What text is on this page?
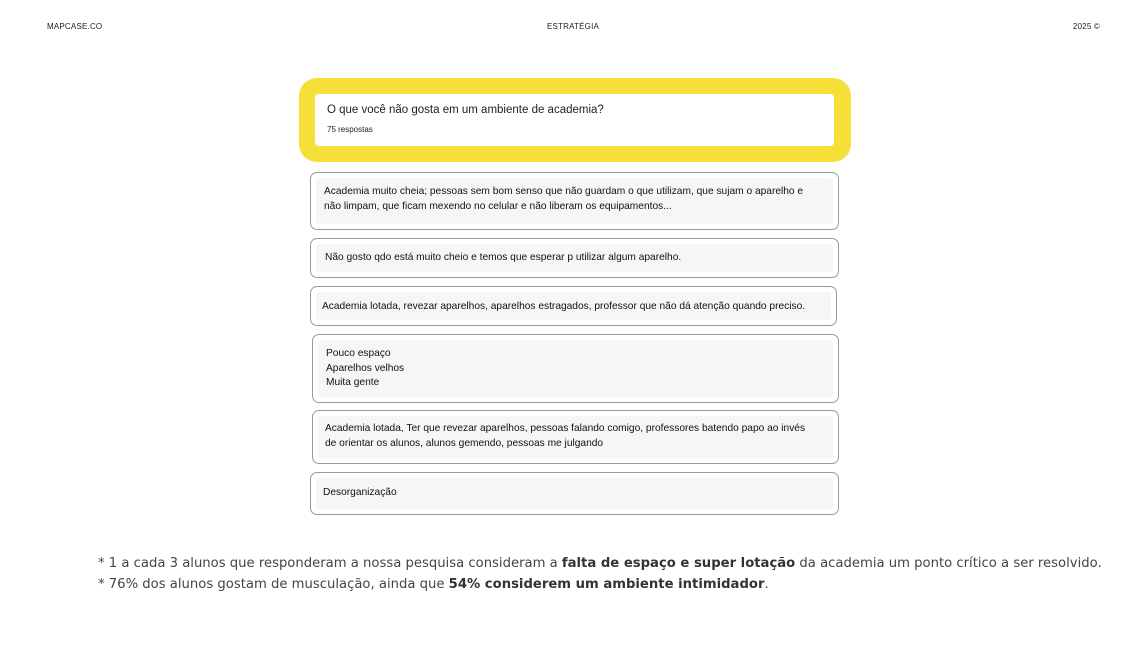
MAPCASE.CO	ESTRATÉGIA	2025 ©
O que você não gosta em um ambiente de academia?
75 respostas
Academia muito cheia; pessoas sem bom senso que não guardam o que utilizam, que sujam o aparelho e
não limpam, que ficam mexendo no celular e não liberam os equipamentos...
Não gosto qdo está muito cheio e temos que esperar p utilizar algum aparelho.
Academia lotada, revezar aparelhos, aparelhos estragados, professor que não dá atenção quando preciso.
Pouco espaço
Aparelhos velhos
Muita gente
Academia lotada, Ter que revezar aparelhos, pessoas falando comigo, professores batendo papo ao invés
de orientar os alunos, alunos gemendo, pessoas me julgando
Desorganização

* 1 a cada 3 alunos que responderam a nossa pesquisa consideram a falta de espaço e super lotação da academia um ponto crítico a ser resolvido.

* 76% dos alunos gostam de musculação, ainda que 54% considerem um ambiente intimidador.
